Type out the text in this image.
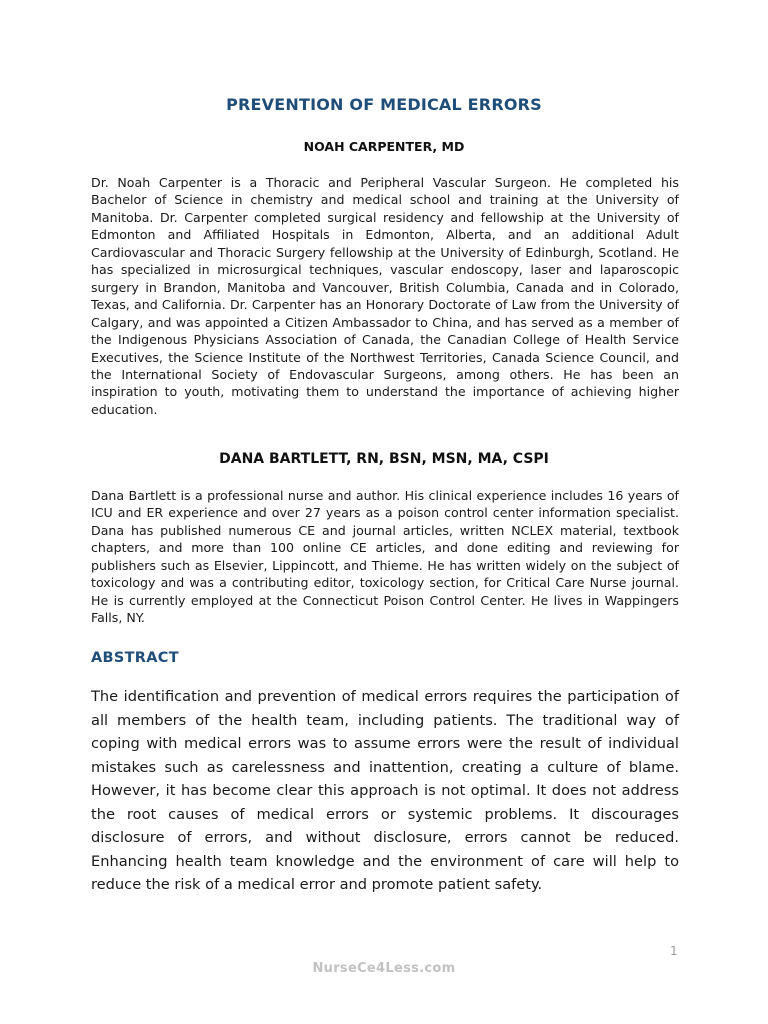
PREVENTION OF MEDICAL ERRORS
NOAH CARPENTER, MD

Dr. Noah Carpenter is a Thoracic and Peripheral Vascular Surgeon. He completed his Bachelor of Science in chemistry and medical school and training at the University of Manitoba. Dr. Carpenter completed surgical residency and fellowship at the University of Edmonton and Affiliated Hospitals in Edmonton, Alberta, and an additional Adult Cardiovascular and Thoracic Surgery fellowship at the University of Edinburgh, Scotland. He has specialized in microsurgical techniques, vascular endoscopy, laser and laparoscopic surgery in Brandon, Manitoba and Vancouver, British Columbia, Canada and in Colorado, Texas, and California. Dr. Carpenter has an Honorary Doctorate of Law from the University of Calgary, and was appointed a Citizen Ambassador to China, and has served as a member of the Indigenous Physicians Association of Canada, the Canadian College of Health Service Executives, the Science Institute of the Northwest Territories, Canada Science Council, and the International Society of Endovascular Surgeons, among others. He has been an inspiration to youth, motivating them to understand the importance of achieving higher education.

DANA BARTLETT, RN, BSN, MSN, MA, CSPI

Dana Bartlett is a professional nurse and author. His clinical experience includes 16 years of ICU and ER experience and over 27 years as a poison control center information specialist. Dana has published numerous CE and journal articles, written NCLEX material, textbook chapters, and more than 100 online CE articles, and done editing and reviewing for publishers such as Elsevier, Lippincott, and Thieme. He has written widely on the subject of toxicology and was a contributing editor, toxicology section, for Critical Care Nurse journal. He is currently employed at the Connecticut Poison Control Center. He lives in Wappingers Falls, NY.

ABSTRACT

The identification and prevention of medical errors requires the participation of all members of the health team, including patients. The traditional way of coping with medical errors was to assume errors were the result of individual mistakes such as carelessness and inattention, creating a culture of blame. However, it has become clear this approach is not optimal. It does not address the root causes of medical errors or systemic problems. It discourages disclosure of errors, and without disclosure, errors cannot be reduced. Enhancing health team knowledge and the environment of care will help to reduce the risk of a medical error and promote patient safety.

1
NurseCe4Less.com
